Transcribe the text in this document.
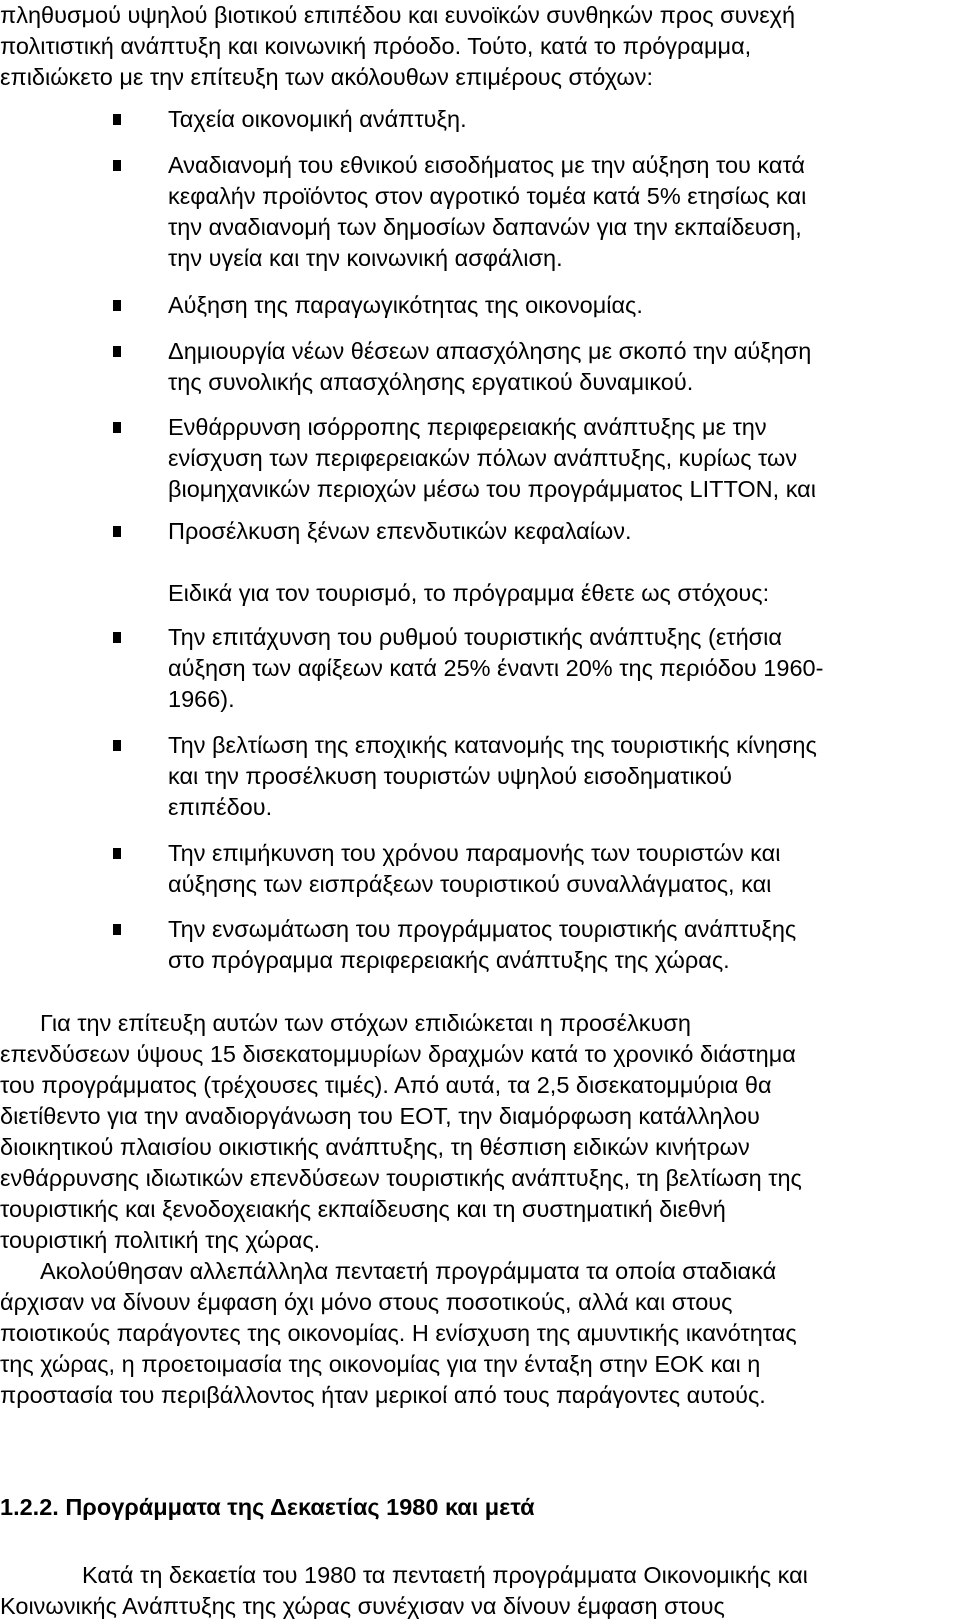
πληθυσμού υψηλού βιοτικού επιπέδου και ευνοϊκών συνθηκών προς συνεχή
πολιτιστική ανάπτυξη και κοινωνική πρόοδο. Τούτο, κατά το πρόγραμμα,
επιδιώκετο με την επίτευξη των ακόλουθων επιμέρους στόχων:
Ταχεία οικονομική ανάπτυξη.
Αναδιανομή του εθνικού εισοδήματος με την αύξηση του κατά
κεφαλήν προϊόντος στον αγροτικό τομέα κατά 5% ετησίως και
την αναδιανομή των δημοσίων δαπανών για την εκπαίδευση,
την υγεία και την κοινωνική ασφάλιση.
Αύξηση της παραγωγικότητας της οικονομίας.
Δημιουργία νέων θέσεων απασχόλησης με σκοπό την αύξηση
της συνολικής απασχόλησης εργατικού δυναμικού.
Ενθάρρυνση ισόρροπης περιφερειακής ανάπτυξης με την
ενίσχυση των περιφερειακών πόλων ανάπτυξης, κυρίως των
βιομηχανικών περιοχών μέσω του προγράμματος LITTON, και
Προσέλκυση ξένων επενδυτικών κεφαλαίων.
Ειδικά για τον τουρισμό, το πρόγραμμα έθετε ως στόχους:
Την επιτάχυνση του ρυθμού τουριστικής ανάπτυξης (ετήσια
αύξηση των αφίξεων κατά 25% έναντι 20% της περιόδου 1960-
1966).
Την βελτίωση της εποχικής κατανομής της τουριστικής κίνησης
και την προσέλκυση τουριστών υψηλού εισοδηματικού
επιπέδου.
Την επιμήκυνση του χρόνου παραμονής των τουριστών και
αύξησης των εισπράξεων τουριστικού συναλλάγματος, και
Την ενσωμάτωση του προγράμματος τουριστικής ανάπτυξης
στο πρόγραμμα περιφερειακής ανάπτυξης της χώρας.
Για την επίτευξη αυτών των στόχων επιδιώκεται η προσέλκυση
επενδύσεων ύψους 15 δισεκατομμυρίων δραχμών κατά το χρονικό διάστημα
του προγράμματος (τρέχουσες τιμές). Από αυτά, τα 2,5 δισεκατομμύρια θα
διετίθεντο για την αναδιοργάνωση του ΕΟΤ, την διαμόρφωση κατάλληλου
διοικητικού πλαισίου οικιστικής ανάπτυξης, τη θέσπιση ειδικών κινήτρων
ενθάρρυνσης ιδιωτικών επενδύσεων τουριστικής ανάπτυξης, τη βελτίωση της
τουριστικής και ξενοδοχειακής εκπαίδευσης και τη συστηματική διεθνή
τουριστική πολιτική της χώρας.
Ακολούθησαν αλλεπάλληλα πενταετή προγράμματα τα οποία σταδιακά
άρχισαν να δίνουν έμφαση όχι μόνο στους ποσοτικούς, αλλά και στους
ποιοτικούς παράγοντες της οικονομίας. Η ενίσχυση της αμυντικής ικανότητας
της χώρας, η προετοιμασία της οικονομίας για την ένταξη στην ΕΟΚ και η
προστασία του περιβάλλοντος ήταν μερικοί από τους παράγοντες αυτούς.
1.2.2. Προγράμματα της Δεκαετίας 1980 και μετά
Κατά τη δεκαετία του 1980 τα πενταετή προγράμματα Οικονομικής και
Κοινωνικής Ανάπτυξης της χώρας συνέχισαν να δίνουν έμφαση στους
